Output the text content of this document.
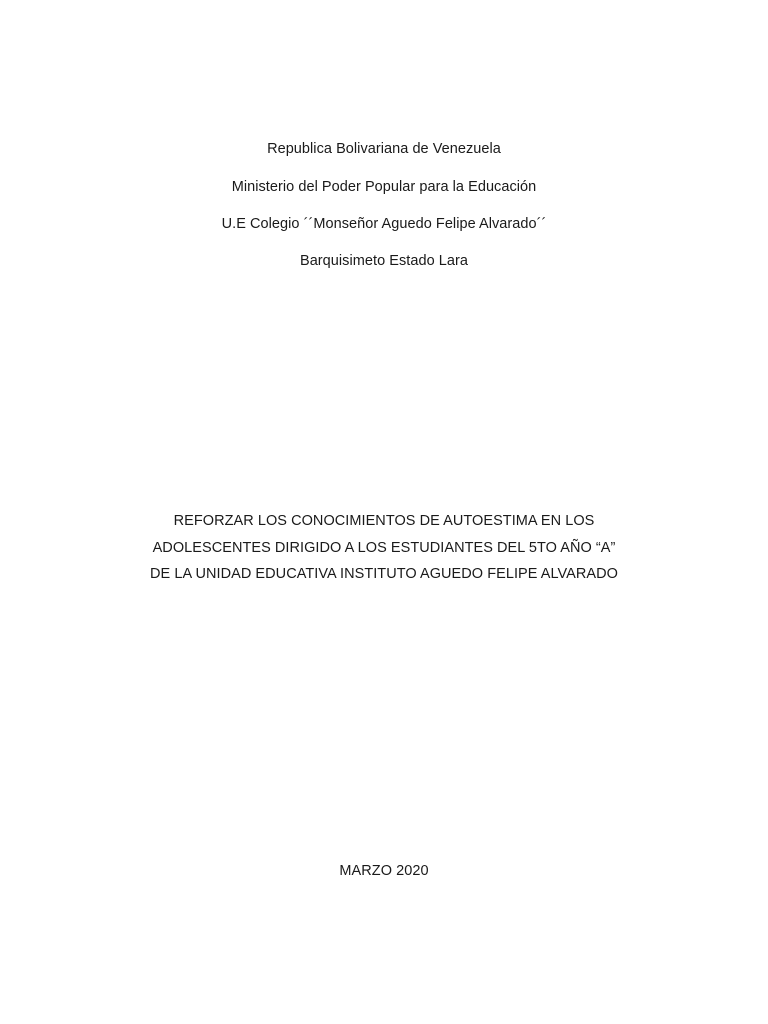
Republica Bolivariana de Venezuela
Ministerio del Poder Popular para la Educación
U.E Colegio ´´Monseñor Aguedo Felipe Alvarado´´
Barquisimeto Estado Lara
REFORZAR LOS CONOCIMIENTOS DE AUTOESTIMA EN LOS
ADOLESCENTES DIRIGIDO A LOS ESTUDIANTES DEL 5TO AÑO “A”
DE LA UNIDAD EDUCATIVA INSTITUTO AGUEDO FELIPE ALVARADO
MARZO 2020
